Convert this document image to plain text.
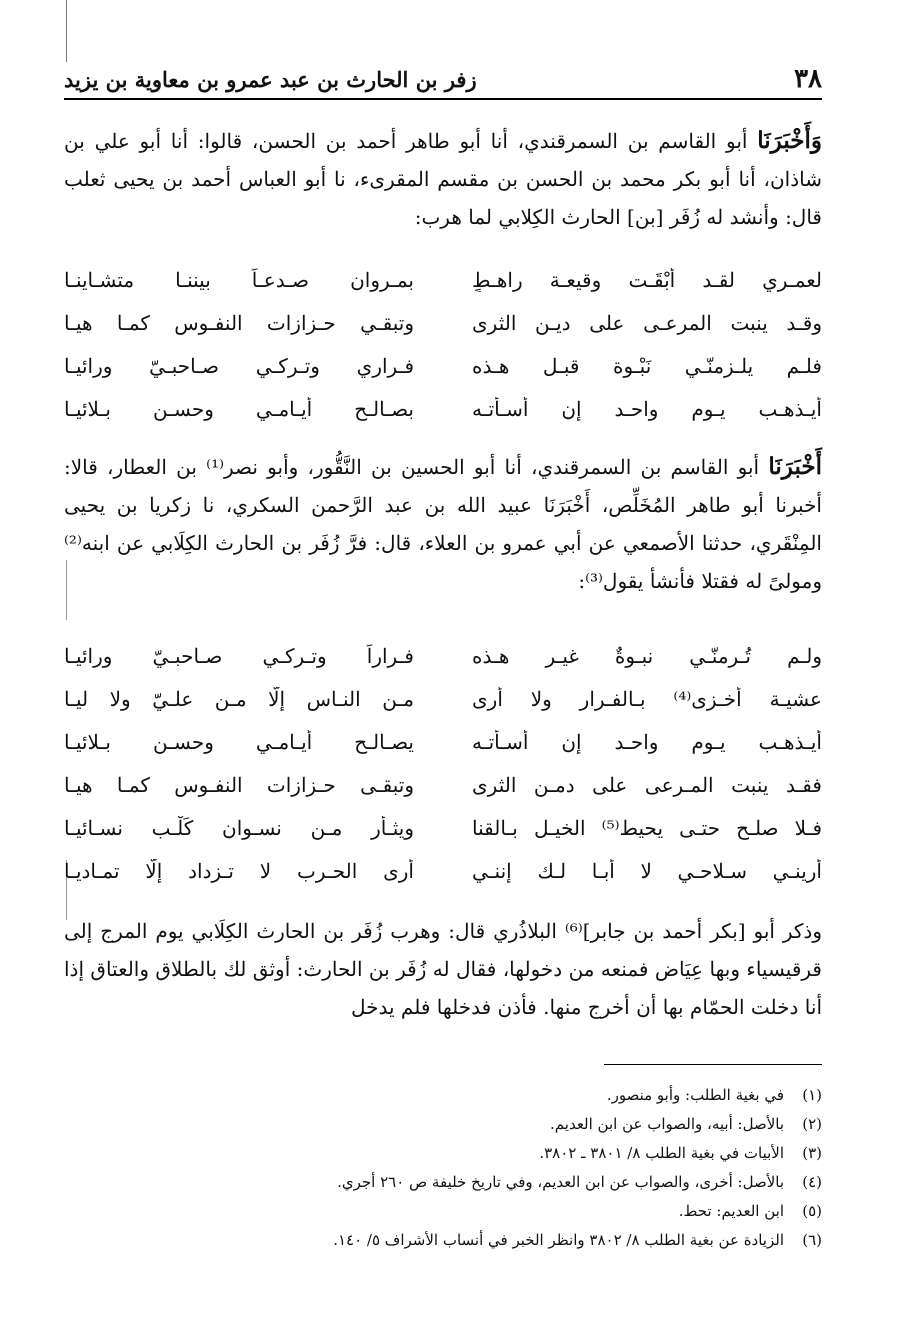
٣٨
زفر بن الحارث بن عبد عمرو بن معاوية بن يزيد

وَأَخْبَرَنَا أبو القاسم بن السمرقندي، أنا أبو طاهر أحمد بن الحسن، قالوا: أنا أبو علي بن شاذان، أنا أبو بكر محمد بن الحسن بن مقسم المقرىء، نا أبو العباس أحمد بن يحيى ثعلب قال: وأنشد له زُفَر [بن] الحارث الكِلابي لما هرب:

لعمـري لقـد أَبْقَـت وقيعـة راهـطٍ
بمـروان صـدعـاً بيننـا متشـاينـا
وقـد ينبت المرعـى على ديـن الثرى
وتبقـي حـزازات النفـوس كمـا هيـا
فلـم يلـزمنّـي نَبْـوة قبـل هـذه
فـراري وتـركـي صـاحبـيّ ورائيـا
أيـذهـب يـوم واحـد إن أسـأتـه
بصـالـح أيـامـي وحسـن بـلائيـا

أَخْبَرَنَا أبو القاسم بن السمرقندي، أنا أبو الحسين بن النَّقُّور، وأبو نصر⁽¹⁾ بن العطار، قالا: أخبرنا أبو طاهر المُخَلِّص، أَخْبَرَنَا عبيد الله بن عبد الرَّحمن السكري، نا زكريا بن يحيى المِنْقَري، حدثنا الأصمعي عن أبي عمرو بن العلاء، قال: فرَّ زُفَر بن الحارث الكِلَابي عن ابنه⁽²⁾ ومولىً له فقتلا فأنشأ يقول⁽³⁾:

ولـم تُـرمنّـي نبـوةٌ غيـر هـذه
فـراراً وتـركـي صـاحبـيّ ورائيـا
عشيـة أخـزى⁽⁴⁾ بـالفـرار ولا أرى
مـن النـاس إلّا مـن علـيّ ولا ليـا
أيـذهـب يـوم واحـد إن أسـأتـه
يصـالـح أيـامـي وحسـن بـلائيـا
فقـد ينبت المـرعى على دمـن الثرى
وتبقـى حـزازات النفـوس كمـا هيـا
فـلا صلـح حتـى يحيط⁽⁵⁾ الخيـل بـالقنا
ويثـأر مـن نسـوان كَلْـب نسـائيـا
أرينـي سـلاحـي لا أبـا لـك إننـي
أرى الحـرب لا تـزداد إلّا تمـاديـا

وذكر أبو [بكر أحمد بن جابر]⁽⁶⁾ البلاذُري قال: وهرب زُفَر بن الحارث الكِلَابي يوم المرج إلى قرقيسياء وبها عِيَاض فمنعه من دخولها، فقال له زُفَر بن الحارث: أوثق لك بالطلاق والعتاق إذا أنا دخلت الحمّام بها أن أخرج منها. فأذن فدخلها فلم يدخل

(١)
في بغية الطلب: وأبو منصور.
(٢)
بالأصل: أبيه، والصواب عن ابن العديم.
(٣)
الأبيات في بغية الطلب ٨/ ٣٨٠١ ـ ٣٨٠٢.
(٤)
بالأصل: أخرى، والصواب عن ابن العديم، وفي تاريخ خليفة ص ٢٦٠ أجري.
(٥)
ابن العديم: تحط.
(٦)
الزيادة عن بغية الطلب ٨/ ٣٨٠٢ وانظر الخبر في أنساب الأشراف ٥/ ١٤٠.
